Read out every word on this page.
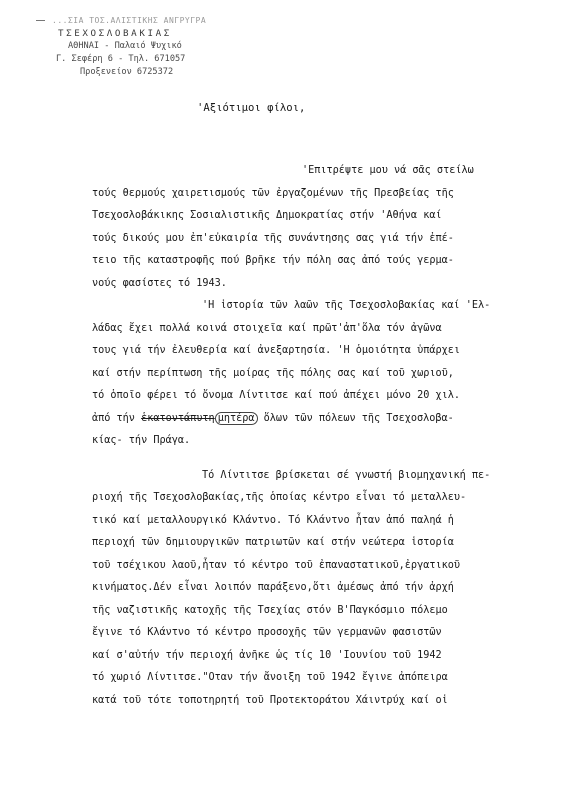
...ΣΙΑ ΤΟΣ.ΑΛΙΣΤΙΚΗΣ ΑΝΓΡΥΓΡΑ
ΤΣΕΧΟΣΛΟΒΑΚΙΑΣ
ΑΘΗΝΑΙ - Παλαιό Ψυχικό
Γ. Σεφέρη 6 - Τηλ. 671057
Προξενείον 6725372
'Αξιότιμοι φίλοι,
'Επιτρέψτε μου νά σᾶς στείλω
τούς θερμούς χαιρετισμούς τῶν ἐργαζομένων τῆς Πρεσβείας τῆς
Τσεχοσλοβάκικης Σοσιαλιστικῆς Δημοκρατίας στήν 'Αθήνα καί
τούς δικούς μου ἐπ'εὐκαιρία τῆς συνάντησης σας γιά τήν ἐπέ-
τειο τῆς καταστροφῆς πού βρῆκε τήν πόλη σας ἀπό τούς γερμα-
νούς φασίστες τό 1943.
'Η ἱστορία τῶν λαῶν τῆς Τσεχοσλοβακίας καί 'Ελ-
λάδας ἔχει πολλά κοινά στοιχεῖα καί πρῶτ'ἀπ'ὅλα τόν ἀγῶνα
τους γιά τήν ἐλευθερία καί ἀνεξαρτησία. 'Η ὁμοιότητα ὑπάρχει
καί στήν περίπτωση τῆς μοίρας τῆς πόλης σας καί τοῦ χωριοῦ,
τό ὁποῖο φέρει τό ὄνομα Λίντιτσε καί πού ἀπέχει μόνο 20 χιλ.
ἀπό τήν ἑκατοντάπυτη μητέρα ὅλων τῶν πόλεων τῆς Τσεχοσλοβα-
κίας- τήν Πράγα.
Τό Λίντιτσε βρίσκεται σέ γνωστή βιομηχανική πε-
ριοχή τῆς Τσεχοσλοβακίας,τῆς ὁποίας κέντρο εἶναι τό μεταλλευ-
τικό καί μεταλλουργικό Κλάντνο. Τό Κλάντνο ἦταν ἀπό παληά ἡ
περιοχή τῶν δημιουργικῶν πατριωτῶν καί στήν νεώτερα ἱστορία
τοῦ τσέχικου λαοῦ,ἦταν τό κέντρο τοῦ ἐπαναστατικοῦ,ἐργατικοῦ
κινήματος.Δέν εἶναι λοιπόν παράξενο,ὅτι ἀμέσως ἀπό τήν ἀρχή
τῆς ναζιστικῆς κατοχῆς τῆς Τσεχίας στόν Β'Παγκόσμιο πόλεμο
ἔγινε τό Κλάντνο τό κέντρο προσοχῆς τῶν γερμανῶν φασιστῶν
καί σ'αὐτήν τήν περιοχή ἀνῆκε ὡς τίς 10 'Ιουνίου τοῦ 1942
τό χωριό Λίντιτσε."Οταν τήν ἄνοιξη τοῦ 1942 ἔγινε ἀπόπειρα
κατά τοῦ τότε τοποτηρητή τοῦ Προτεκτοράτου Χάιντρύχ καί οἱ
